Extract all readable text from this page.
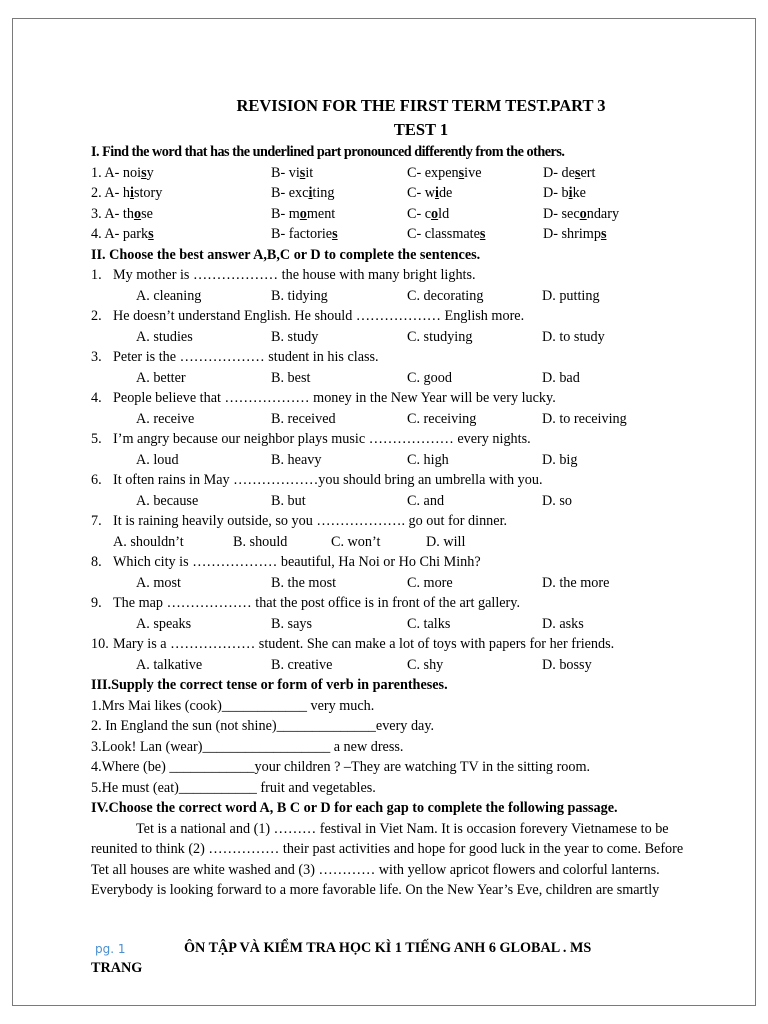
REVISION FOR THE FIRST TERM TEST.PART 3
TEST 1
I. Find the word that has the underlined part pronounced differently from the others.
1. A- noisy	B- visit	C- expensive	D- desert
2. A- history	B- exciting	C- wide	D- bike
3. A- those	B- moment	C- cold	D- secondary
4. A- parks	B- factories	C- classmates	D- shrimps
II. Choose the best answer A,B,C or D to complete the sentences.
1. My mother is ……………… the house with many bright lights.
A. cleaning	B. tidying	C. decorating	D. putting
2. He doesn’t understand English. He should ……………… English more.
A. studies	B. study	C. studying	D. to study
3. Peter is the ……………… student in his class.
A. better	B. best	C. good	D. bad
4. People believe that ……………… money in the New Year will be very lucky.
A. receive	B. received	C. receiving	D. to receiving
5. I’m angry because our neighbor plays music ……………… every nights.
A. loud	B. heavy	C. high	D. big
6. It often rains in May ………………you should bring an umbrella with you.
A. because	B. but	C. and	D. so
7. It is raining heavily outside, so you ………………. go out for dinner.
A. shouldn’t	B. should	C. won’t	D. will
8. Which city is ……………… beautiful, Ha Noi or Ho Chi Minh?
A. most	B. the most	C. more	D. the more
9. The map ……………… that the post office is in front of the art gallery.
A. speaks	B. says	C. talks	D. asks
10. Mary is a ……………… student. She can make a lot of toys with papers for her friends.
A. talkative	B. creative	C. shy	D. bossy
III.Supply the correct tense or form of verb in parentheses.
1.Mrs Mai likes (cook)____________ very much.
2. In England the sun (not shine)______________every day.
3.Look! Lan (wear)__________________ a new dress.
4.Where (be) ____________your children ? –They are watching TV in the sitting room.
5.He must (eat)___________ fruit and vegetables.
IV.Choose the correct word A, B C or D for each gap to complete the following passage.
Tet is a national and (1) ……… festival in Viet Nam. It is occasion forevery Vietnamese to be
reunited to think (2) …………… their past activities and hope for good luck in the year to come. Before
Tet all houses are white washed and (3) ………… with yellow apricot flowers and colorful lanterns.
Everybody is looking forward to a more favorable life. On the New Year’s Eve, children are smartly
pg. 1	ÔN TẬP VÀ KIỂM TRA HỌC KÌ 1 TIẾNG ANH 6 GLOBAL . MS
TRANG
